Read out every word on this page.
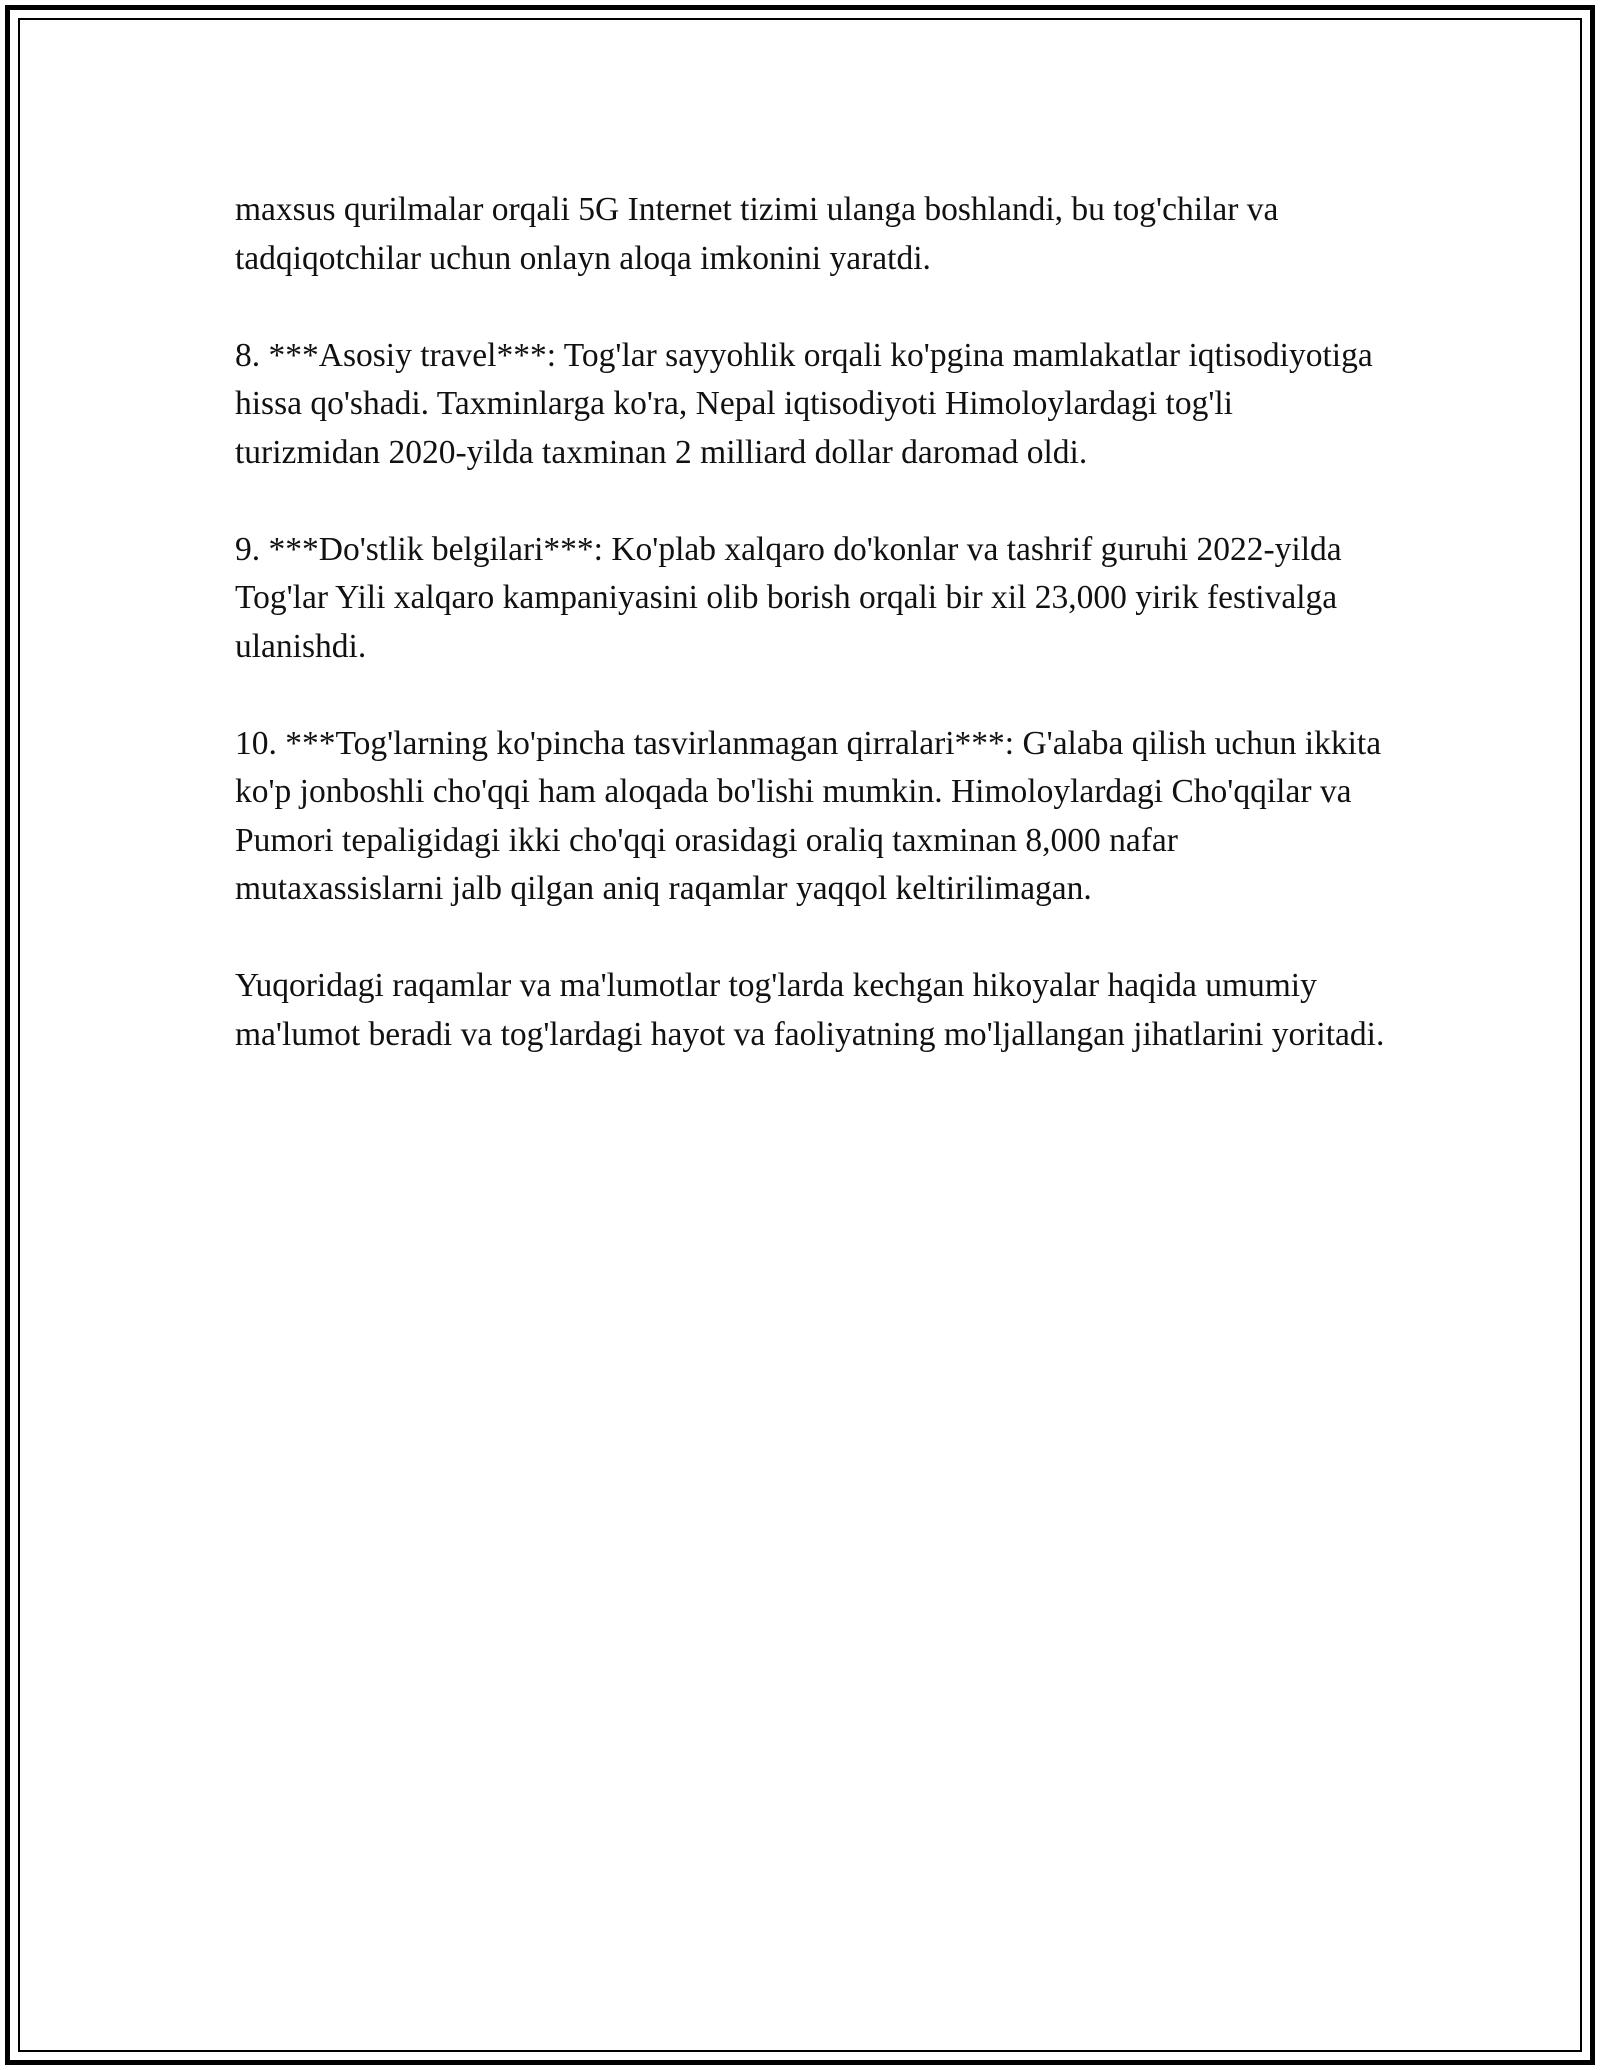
maxsus qurilmalar orqali 5G Internet tizimi ulanga boshlandi, bu tog'chilar va tadqiqotchilar uchun onlayn aloqa imkonini yaratdi.

8. ***Asosiy travel***: Tog'lar sayyohlik orqali ko'pgina mamlakatlar iqtisodiyotiga hissa qo'shadi. Taxminlarga ko'ra, Nepal iqtisodiyoti Himoloylardagi tog'li turizmidan 2020-yilda taxminan 2 milliard dollar daromad oldi.

9. ***Do'stlik belgilari***: Ko'plab xalqaro do'konlar va tashrif guruhi 2022-yilda Tog'lar Yili xalqaro kampaniyasini olib borish orqali bir xil 23,000 yirik festivalga ulanishdi.

10. ***Tog'larning ko'pincha tasvirlanmagan qirralari***: G'alaba qilish uchun ikkita ko'p jonboshli cho'qqi ham aloqada bo'lishi mumkin. Himoloylardagi Cho'qqilar va Pumori tepaligidagi ikki cho'qqi orasidagi oraliq taxminan 8,000 nafar mutaxassislarni jalb qilgan aniq raqamlar yaqqol keltirilimagan.

Yuqoridagi raqamlar va ma'lumotlar tog'larda kechgan hikoyalar haqida umumiy ma'lumot beradi va tog'lardagi hayot va faoliyatning mo'ljallangan jihatlarini yoritadi.
